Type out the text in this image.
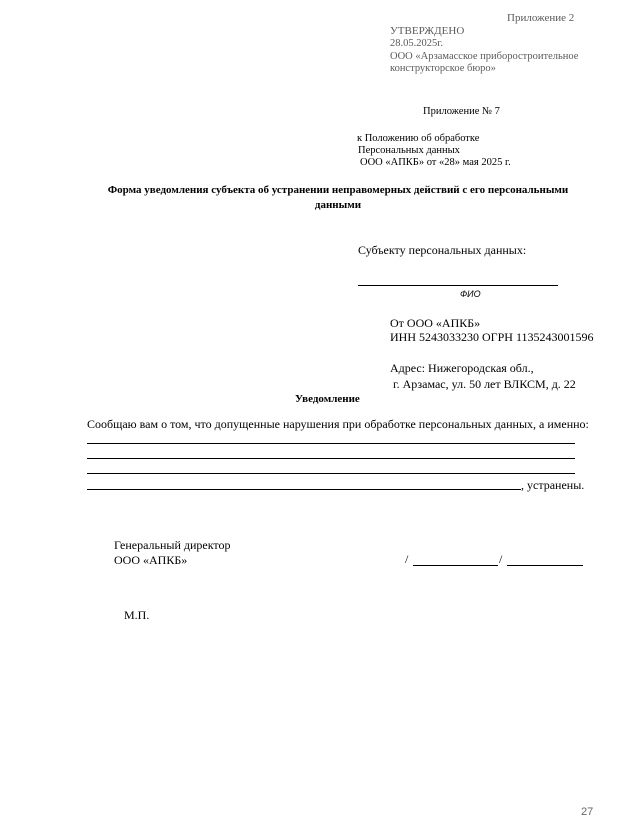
Приложение 2
УТВЕРЖДЕНО
28.05.2025г.
ООО «Арзамасское приборостроительное
конструкторское бюро»
Приложение № 7
к Положению об обработке
Персональных данных
ООО «АПКБ» от «28» мая 2025 г.
Форма уведомления субъекта об устранении неправомерных действий с его персональными
данными
Субъекту персональных данных:
ФИО
От ООО «АПКБ»
ИНН 5243033230 ОГРН 1135243001596
Адрес: Нижегородская обл.,
г. Арзамас, ул. 50 лет ВЛКСМ, д. 22
Уведомление
Сообщаю вам о том, что допущенные нарушения при обработке персональных данных, а именно:
, устранены.
Генеральный директор
ООО «АПКБ»	/	/
М.П.
27
